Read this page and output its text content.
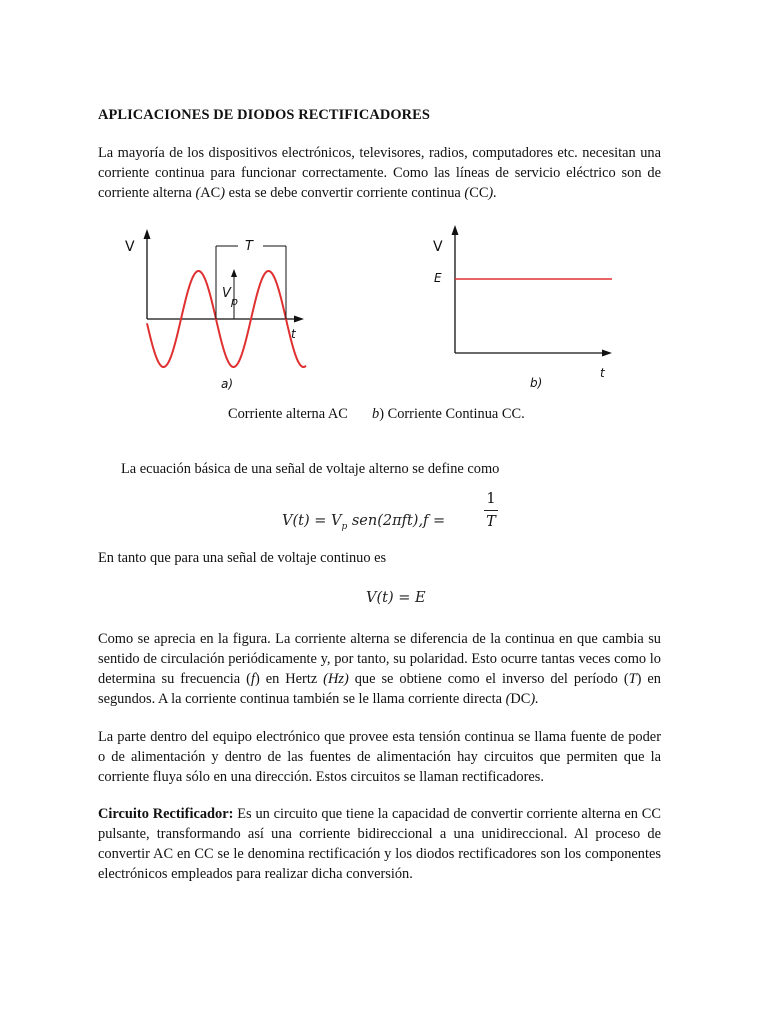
APLICACIONES DE DIODOS RECTIFICADORES

La mayoría de los dispositivos electrónicos, televisores, radios, computadores etc. necesitan una corriente continua para funcionar correctamente. Como las líneas de servicio eléctrico son de corriente alterna (AC) esta se debe convertir corriente continua (CC).

V	T
V
p
t
a)
V
E
t
b)
Corriente alterna AC b) Corriente Continua CC.
La ecuación básica de una señal de voltaje alterno se define como
$V(t) = V_p$ sen(2πft),f =
1
T
En tanto que para una señal de voltaje continuo es
V(t) = E

Como se aprecia en la figura. La corriente alterna se diferencia de la continua en que cambia su sentido de circulación periódicamente y, por tanto, su polaridad. Esto ocurre tantas veces como lo determina su frecuencia (f) en Hertz (Hz) que se obtiene como el inverso del período (T) en segundos. A la corriente continua también se le llama corriente directa (DC).

La parte dentro del equipo electrónico que provee esta tensión continua se llama fuente de poder o de alimentación y dentro de las fuentes de alimentación hay circuitos que permiten que la corriente fluya sólo en una dirección. Estos circuitos se llaman rectificadores.

Circuito Rectificador: Es un circuito que tiene la capacidad de convertir corriente alterna en CC pulsante, transformando así una corriente bidireccional a una unidireccional. Al proceso de convertir AC en CC se le denomina rectificación y los diodos rectificadores son los componentes electrónicos empleados para realizar dicha conversión.
